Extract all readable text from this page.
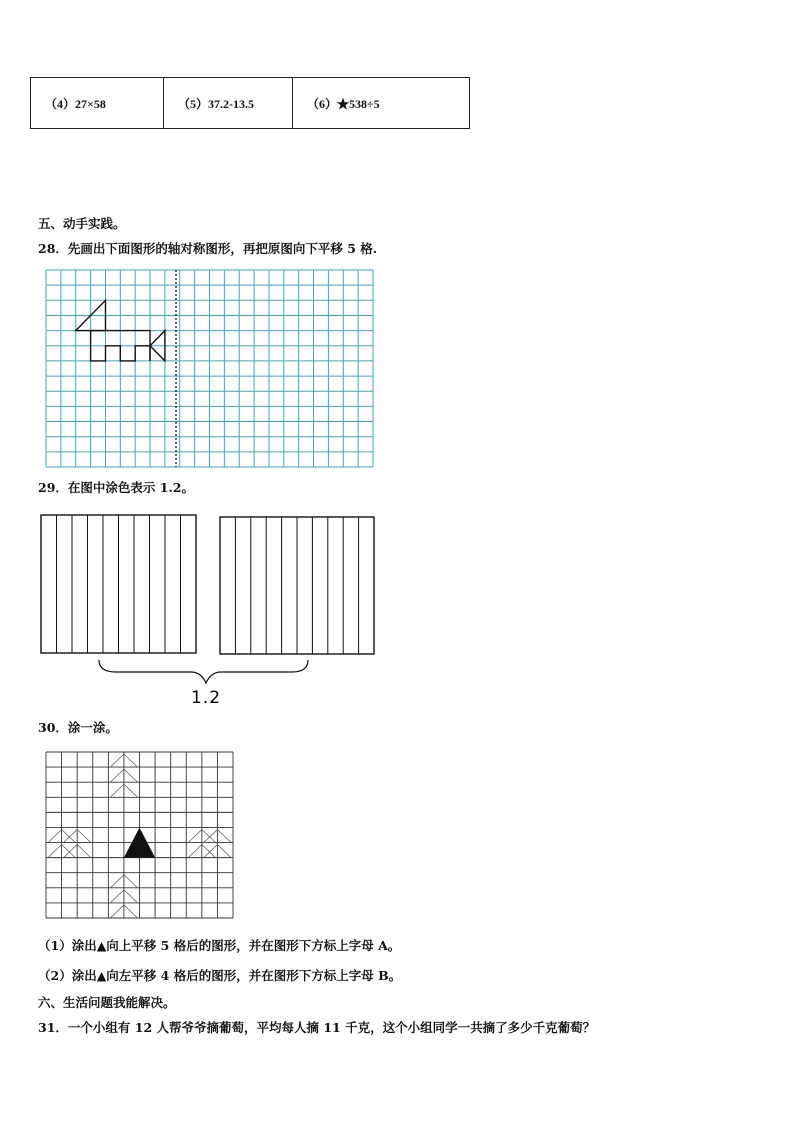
（4）27×58	（5）37.2-13.5	（6）★538÷5
五、动手实践。
28．先画出下面图形的轴对称图形，再把原图向下平移 5 格.
29．在图中涂色表示 1.2。
1.2
30．涂一涂。
（1）涂出▲向上平移 5 格后的图形，并在图形下方标上字母 A。
（2）涂出▲向左平移 4 格后的图形，并在图形下方标上字母 B。
六、生活问题我能解决。
31．一个小组有 12 人帮爷爷摘葡萄，平均每人摘 11 千克，这个小组同学一共摘了多少千克葡萄？
